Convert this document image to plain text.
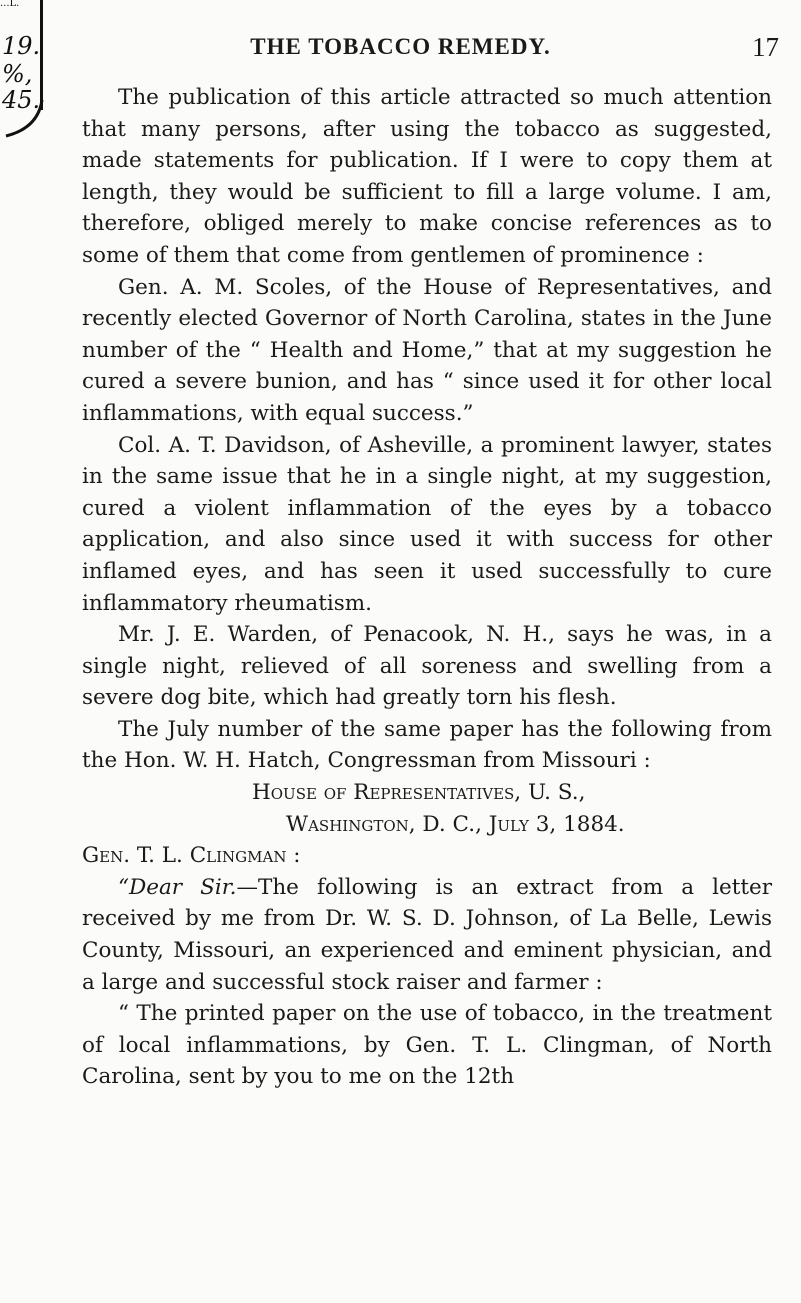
...L.
19.
%,
45.
THE TOBACCO REMEDY.	17

The publication of this article attracted so much attention that many persons, after using the tobacco as suggested, made statements for publication. If I were to copy them at length, they would be sufficient to fill a large volume. I am, therefore, obliged merely to make concise references as to some of them that come from gentlemen of prominence :

Gen. A. M. Scoles, of the House of Representatives, and recently elected Governor of North Carolina, states in the June number of the “ Health and Home,” that at my suggestion he cured a severe bunion, and has “ since used it for other local inflammations, with equal success.”

Col. A. T. Davidson, of Asheville, a prominent lawyer, states in the same issue that he in a single night, at my suggestion, cured a violent inflammation of the eyes by a tobacco application, and also since used it with success for other inflamed eyes, and has seen it used successfully to cure inflammatory rheumatism.

Mr. J. E. Warden, of Penacook, N. H., says he was, in a single night, relieved of all soreness and swelling from a severe dog bite, which had greatly torn his flesh.

The July number of the same paper has the following from the Hon. W. H. Hatch, Congressman from Missouri :

House of Representatives, U. S.,

Washington, D. C., July 3, 1884.

Gen. T. L. Clingman :

“Dear Sir.—The following is an extract from a letter received by me from Dr. W. S. D. Johnson, of La Belle, Lewis County, Missouri, an experienced and eminent physician, and a large and successful stock raiser and farmer :

“ The printed paper on the use of tobacco, in the treatment of local inflammations, by Gen. T. L. Clingman, of North Carolina, sent by you to me on the 12th
